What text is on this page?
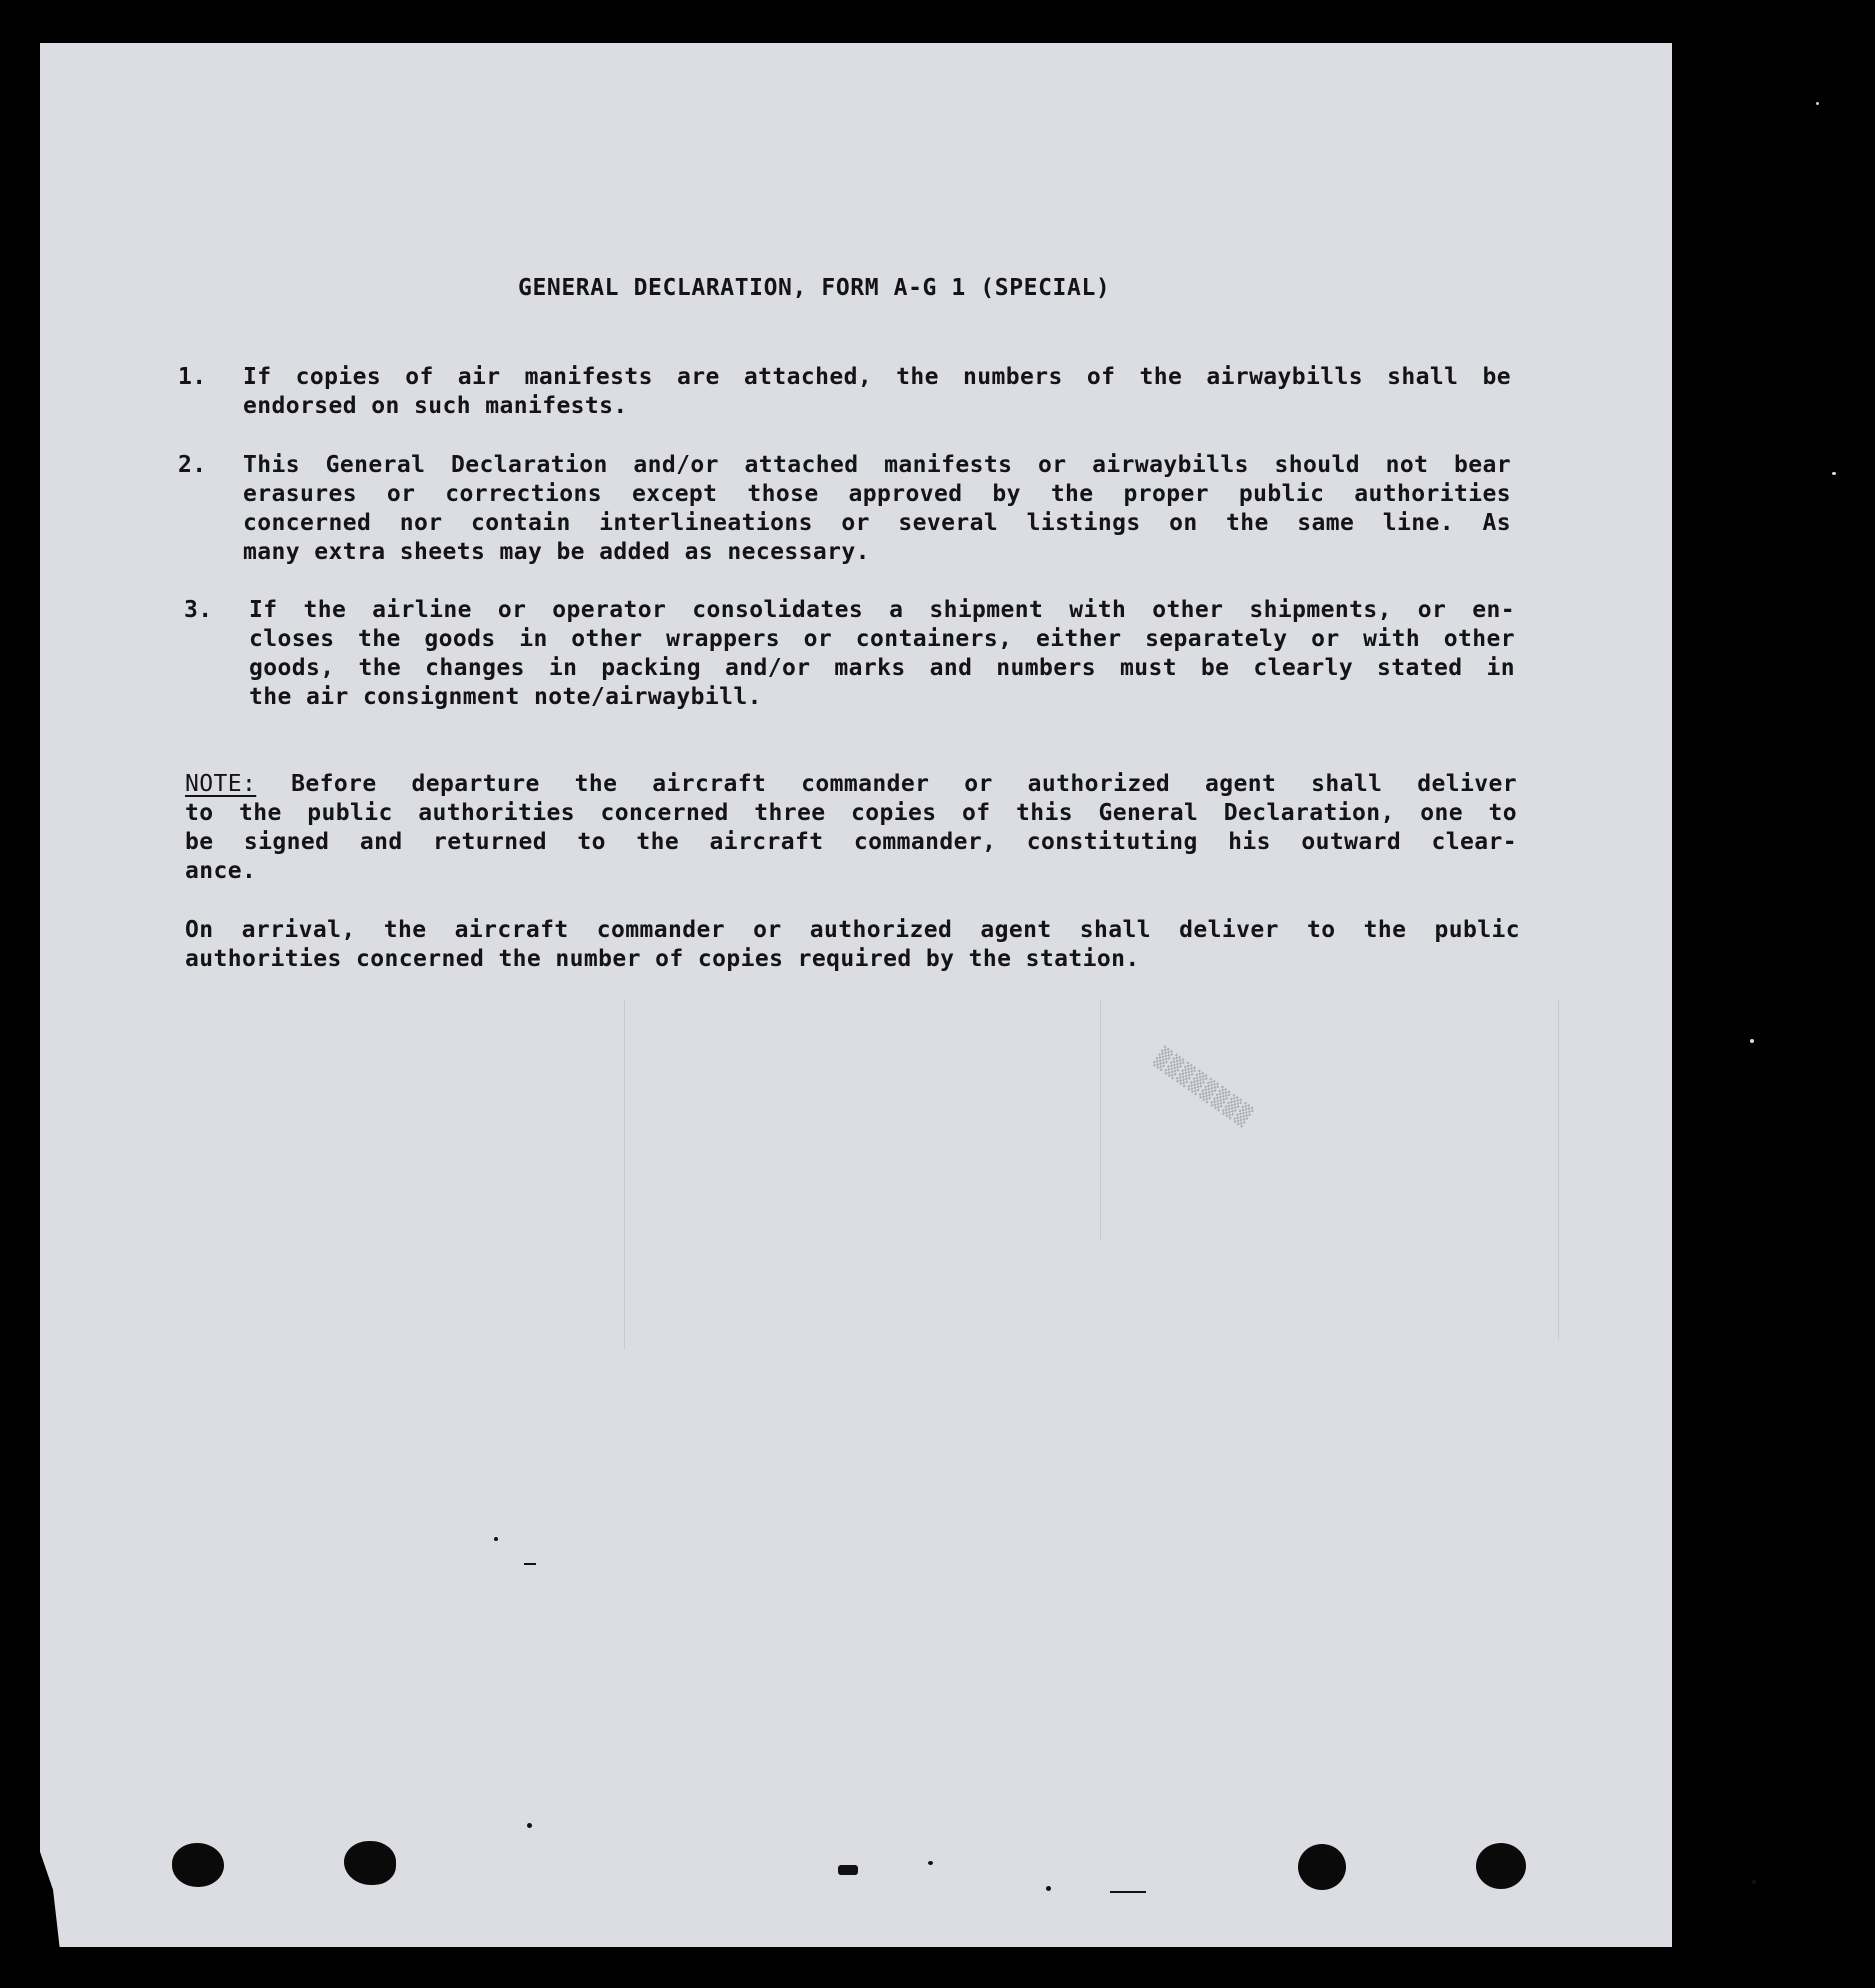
GENERAL DECLARATION, FORM A-G 1 (SPECIAL)
1. If copies of air manifests are attached, the numbers of the airwaybills shall be
endorsed on such manifests.
2. This General Declaration and/or attached manifests or airwaybills should not bear
erasures or corrections except those approved by the proper public authorities
concerned nor contain interlineations or several listings on the same line. As
many extra sheets may be added as necessary.
3. If the airline or operator consolidates a shipment with other shipments, or en-
closes the goods in other wrappers or containers, either separately or with other
goods, the changes in packing and/or marks and numbers must be clearly stated in
the air consignment note/airwaybill.
NOTE: Before departure the aircraft commander or authorized agent shall deliver
to the public authorities concerned three copies of this General Declaration, one to
be signed and returned to the aircraft commander, constituting his outward clear-
ance.
On arrival, the aircraft commander or authorized agent shall deliver to the public
authorities concerned the number of copies required by the station.
▒▒▒▒▒▒▒▒
